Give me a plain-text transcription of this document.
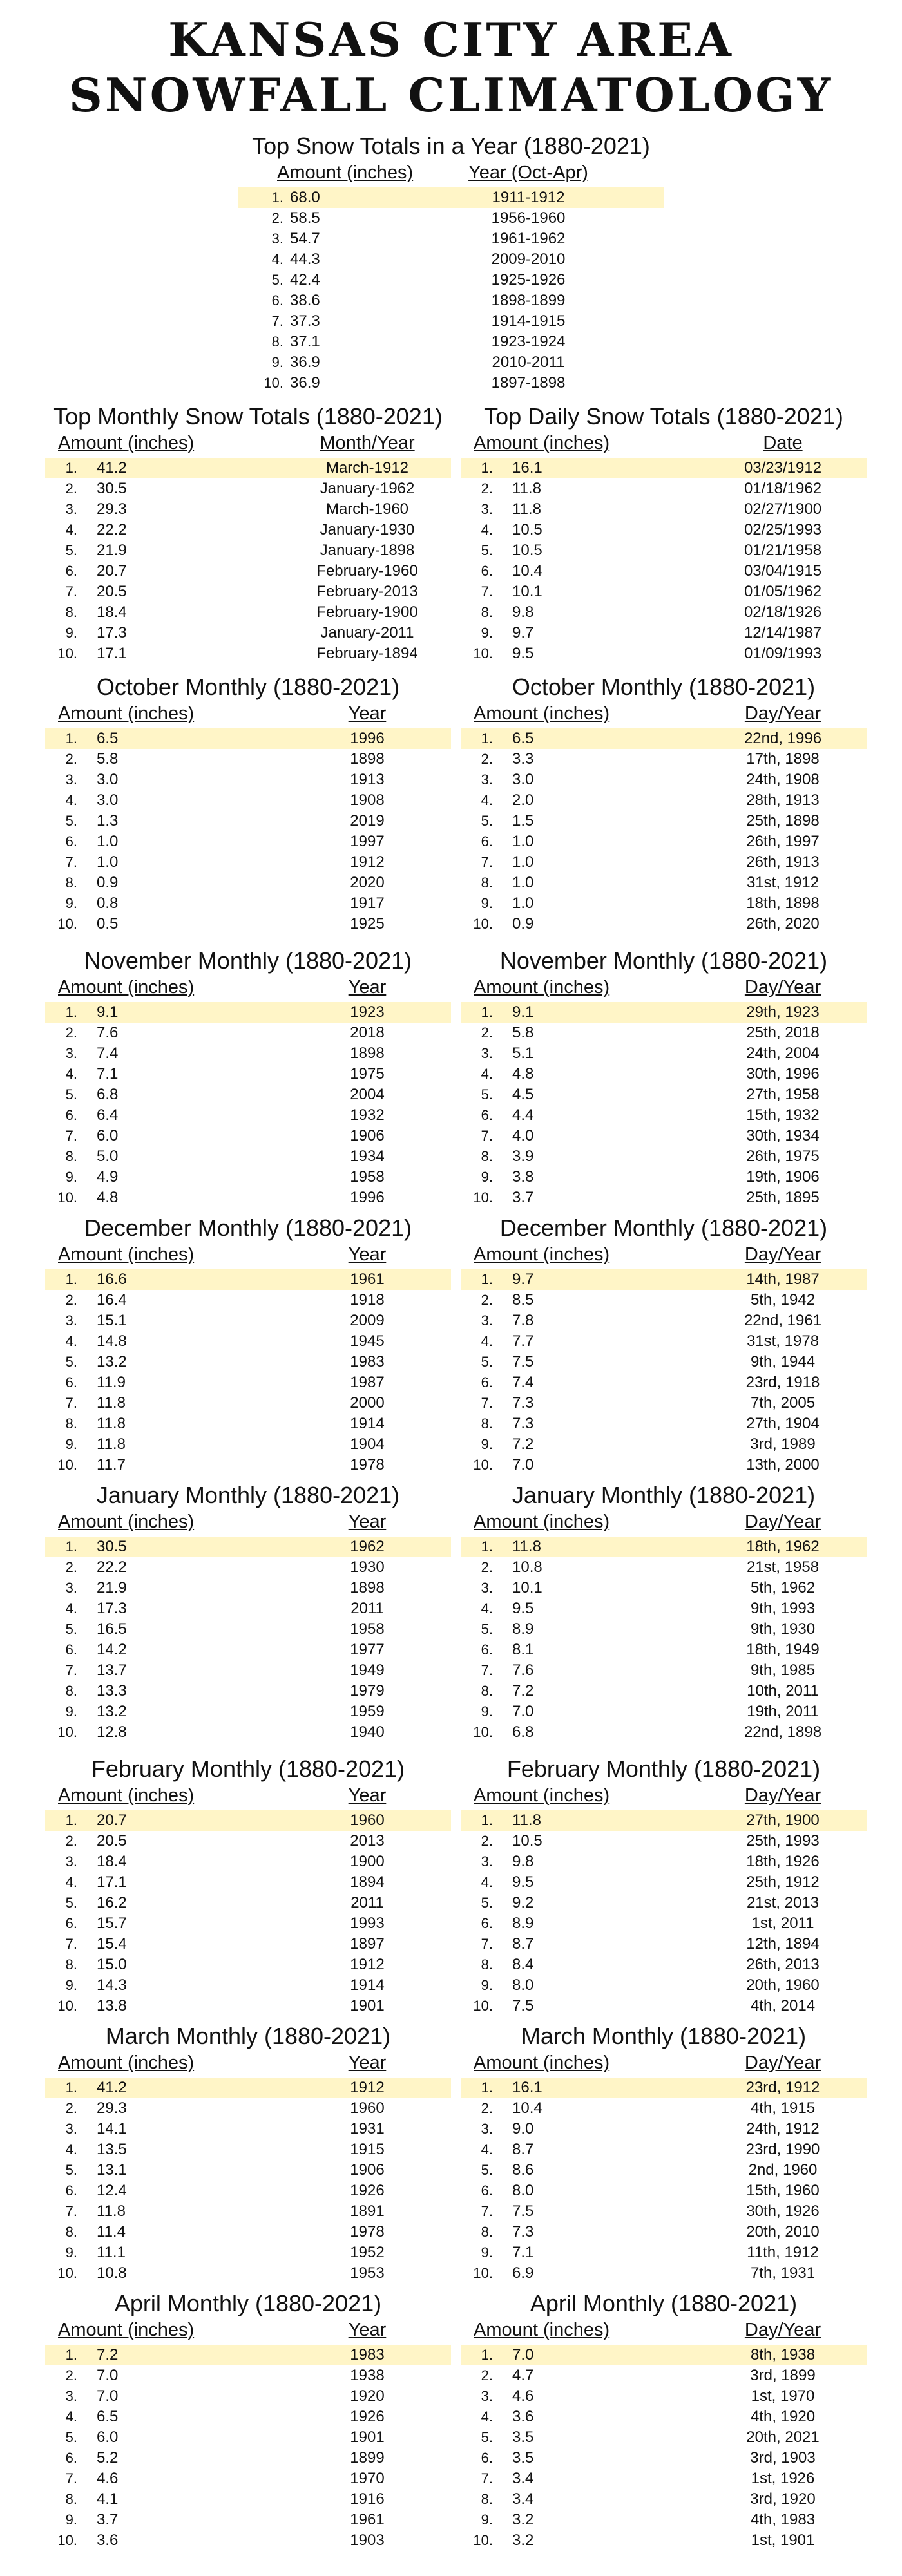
KANSAS CITY AREA
SNOWFALL CLIMATOLOGY
Top Snow Totals in a Year (1880-2021)
Amount (inches)	Year (Oct-Apr)
1. 68.0	1911-1912
2. 58.5	1956-1960
3. 54.7	1961-1962
4. 44.3	2009-2010
5. 42.4	1925-1926
6. 38.6	1898-1899
7. 37.3	1914-1915
8. 37.1	1923-1924
9. 36.9	2010-2011
10. 36.9	1897-1898
Top Monthly Snow Totals (1880-2021)
Amount (inches)	Month/Year
1. 41.2	March-1912
2. 30.5	January-1962
3. 29.3	March-1960
4. 22.2	January-1930
5. 21.9	January-1898
6. 20.7	February-1960
7. 20.5	February-2013
8. 18.4	February-1900
9. 17.3	January-2011
10. 17.1	February-1894
Top Daily Snow Totals (1880-2021)
Amount (inches)	Date
1. 16.1	03/23/1912
2. 11.8	01/18/1962
3. 11.8	02/27/1900
4. 10.5	02/25/1993
5. 10.5	01/21/1958
6. 10.4	03/04/1915
7. 10.1	01/05/1962
8. 9.8	02/18/1926
9. 9.7	12/14/1987
10. 9.5	01/09/1993
October Monthly (1880-2021)
Amount (inches)	Year
1. 6.5	1996
2. 5.8	1898
3. 3.0	1913
4. 3.0	1908
5. 1.3	2019
6. 1.0	1997
7. 1.0	1912
8. 0.9	2020
9. 0.8	1917
10. 0.5	1925
October Monthly (1880-2021)
Amount (inches)	Day/Year
1. 6.5	22nd, 1996
2. 3.3	17th, 1898
3. 3.0	24th, 1908
4. 2.0	28th, 1913
5. 1.5	25th, 1898
6. 1.0	26th, 1997
7. 1.0	26th, 1913
8. 1.0	31st, 1912
9. 1.0	18th, 1898
10. 0.9	26th, 2020
November Monthly (1880-2021)
Amount (inches)	Year
1. 9.1	1923
2. 7.6	2018
3. 7.4	1898
4. 7.1	1975
5. 6.8	2004
6. 6.4	1932
7. 6.0	1906
8. 5.0	1934
9. 4.9	1958
10. 4.8	1996
November Monthly (1880-2021)
Amount (inches)	Day/Year
1. 9.1	29th, 1923
2. 5.8	25th, 2018
3. 5.1	24th, 2004
4. 4.8	30th, 1996
5. 4.5	27th, 1958
6. 4.4	15th, 1932
7. 4.0	30th, 1934
8. 3.9	26th, 1975
9. 3.8	19th, 1906
10. 3.7	25th, 1895
December Monthly (1880-2021)
Amount (inches)	Year
1. 16.6	1961
2. 16.4	1918
3. 15.1	2009
4. 14.8	1945
5. 13.2	1983
6. 11.9	1987
7. 11.8	2000
8. 11.8	1914
9. 11.8	1904
10. 11.7	1978
December Monthly (1880-2021)
Amount (inches)	Day/Year
1. 9.7	14th, 1987
2. 8.5	5th, 1942
3. 7.8	22nd, 1961
4. 7.7	31st, 1978
5. 7.5	9th, 1944
6. 7.4	23rd, 1918
7. 7.3	7th, 2005
8. 7.3	27th, 1904
9. 7.2	3rd, 1989
10. 7.0	13th, 2000
January Monthly (1880-2021)
Amount (inches)	Year
1. 30.5	1962
2. 22.2	1930
3. 21.9	1898
4. 17.3	2011
5. 16.5	1958
6. 14.2	1977
7. 13.7	1949
8. 13.3	1979
9. 13.2	1959
10. 12.8	1940
January Monthly (1880-2021)
Amount (inches)	Day/Year
1. 11.8	18th, 1962
2. 10.8	21st, 1958
3. 10.1	5th, 1962
4. 9.5	9th, 1993
5. 8.9	9th, 1930
6. 8.1	18th, 1949
7. 7.6	9th, 1985
8. 7.2	10th, 2011
9. 7.0	19th, 2011
10. 6.8	22nd, 1898
February Monthly (1880-2021)
Amount (inches)	Year
1. 20.7	1960
2. 20.5	2013
3. 18.4	1900
4. 17.1	1894
5. 16.2	2011
6. 15.7	1993
7. 15.4	1897
8. 15.0	1912
9. 14.3	1914
10. 13.8	1901
February Monthly (1880-2021)
Amount (inches)	Day/Year
1. 11.8	27th, 1900
2. 10.5	25th, 1993
3. 9.8	18th, 1926
4. 9.5	25th, 1912
5. 9.2	21st, 2013
6. 8.9	1st, 2011
7. 8.7	12th, 1894
8. 8.4	26th, 2013
9. 8.0	20th, 1960
10. 7.5	4th, 2014
March Monthly (1880-2021)
Amount (inches)	Year
1. 41.2	1912
2. 29.3	1960
3. 14.1	1931
4. 13.5	1915
5. 13.1	1906
6. 12.4	1926
7. 11.8	1891
8. 11.4	1978
9. 11.1	1952
10. 10.8	1953
March Monthly (1880-2021)
Amount (inches)	Day/Year
1. 16.1	23rd, 1912
2. 10.4	4th, 1915
3. 9.0	24th, 1912
4. 8.7	23rd, 1990
5. 8.6	2nd, 1960
6. 8.0	15th, 1960
7. 7.5	30th, 1926
8. 7.3	20th, 2010
9. 7.1	11th, 1912
10. 6.9	7th, 1931
April Monthly (1880-2021)
Amount (inches)	Year
1. 7.2	1983
2. 7.0	1938
3. 7.0	1920
4. 6.5	1926
5. 6.0	1901
6. 5.2	1899
7. 4.6	1970
8. 4.1	1916
9. 3.7	1961
10. 3.6	1903
April Monthly (1880-2021)
Amount (inches)	Day/Year
1. 7.0	8th, 1938
2. 4.7	3rd, 1899
3. 4.6	1st, 1970
4. 3.6	4th, 1920
5. 3.5	20th, 2021
6. 3.5	3rd, 1903
7. 3.4	1st, 1926
8. 3.4	3rd, 1920
9. 3.2	4th, 1983
10. 3.2	1st, 1901
